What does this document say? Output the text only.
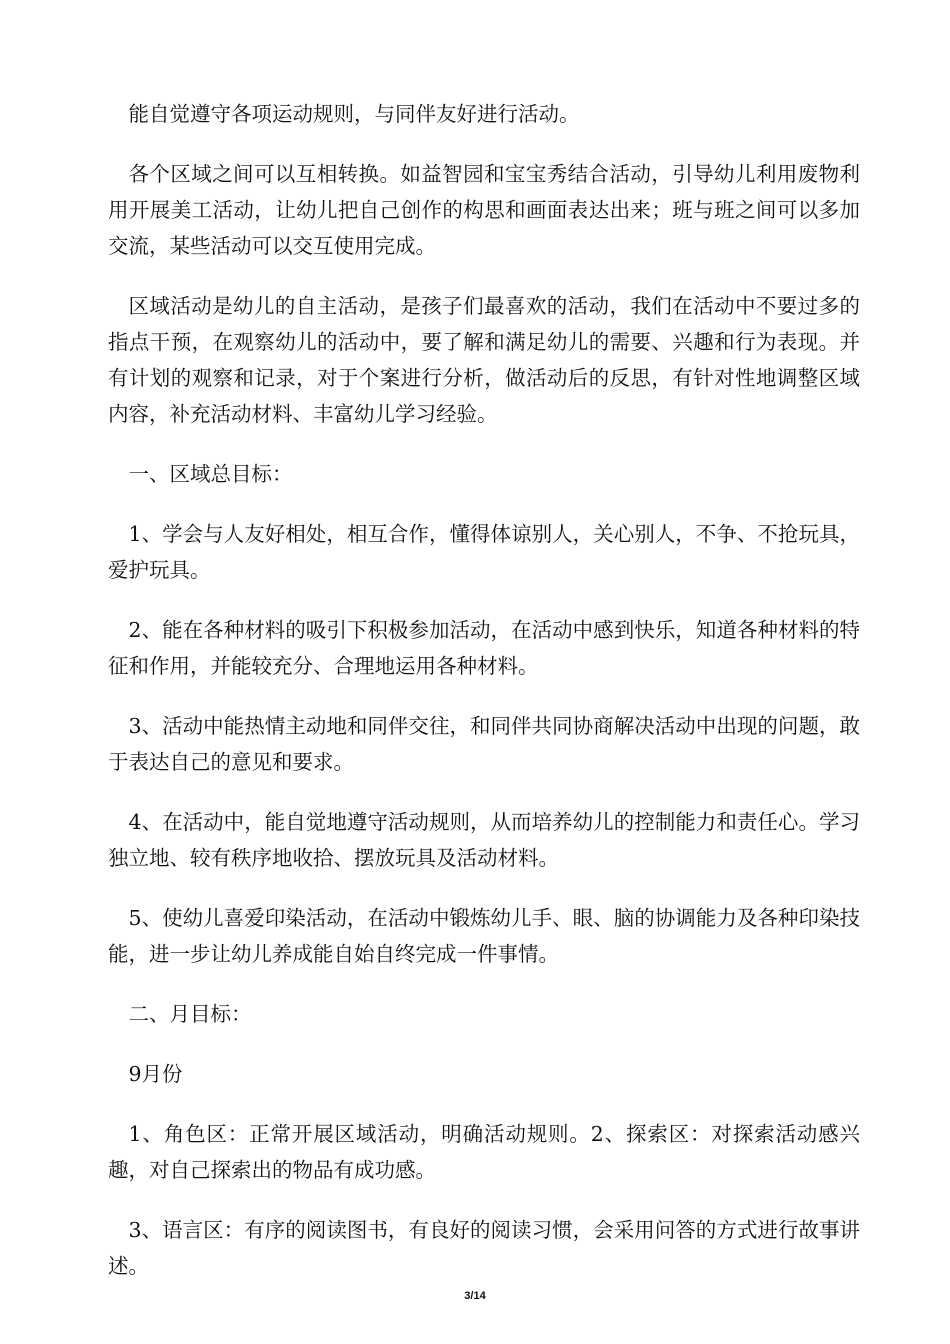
能自觉遵守各项运动规则，与同伴友好进行活动。

各个区域之间可以互相转换。如益智园和宝宝秀结合活动，引导幼儿利用废物利用开展美工活动，让幼儿把自己创作的构思和画面表达出来；班与班之间可以多加交流，某些活动可以交互使用完成。

区域活动是幼儿的自主活动，是孩子们最喜欢的活动，我们在活动中不要过多的指点干预，在观察幼儿的活动中，要了解和满足幼儿的需要、兴趣和行为表现。并有计划的观察和记录，对于个案进行分析，做活动后的反思，有针对性地调整区域内容，补充活动材料、丰富幼儿学习经验。

一、区域总目标：

1、学会与人友好相处，相互合作，懂得体谅别人，关心别人，不争、不抢玩具，爱护玩具。

2、能在各种材料的吸引下积极参加活动，在活动中感到快乐，知道各种材料的特征和作用，并能较充分、合理地运用各种材料。

3、活动中能热情主动地和同伴交往，和同伴共同协商解决活动中出现的问题，敢于表达自己的意见和要求。

4、在活动中，能自觉地遵守活动规则，从而培养幼儿的控制能力和责任心。学习独立地、较有秩序地收拾、摆放玩具及活动材料。

5、使幼儿喜爱印染活动，在活动中锻炼幼儿手、眼、脑的协调能力及各种印染技能，进一步让幼儿养成能自始自终完成一件事情。

二、月目标：

9月份

1、角色区：正常开展区域活动，明确活动规则。2、探索区：对探索活动感兴趣，对自己探索出的物品有成功感。

3、语言区：有序的阅读图书，有良好的阅读习惯，会采用问答的方式进行故事讲述。

3/14
